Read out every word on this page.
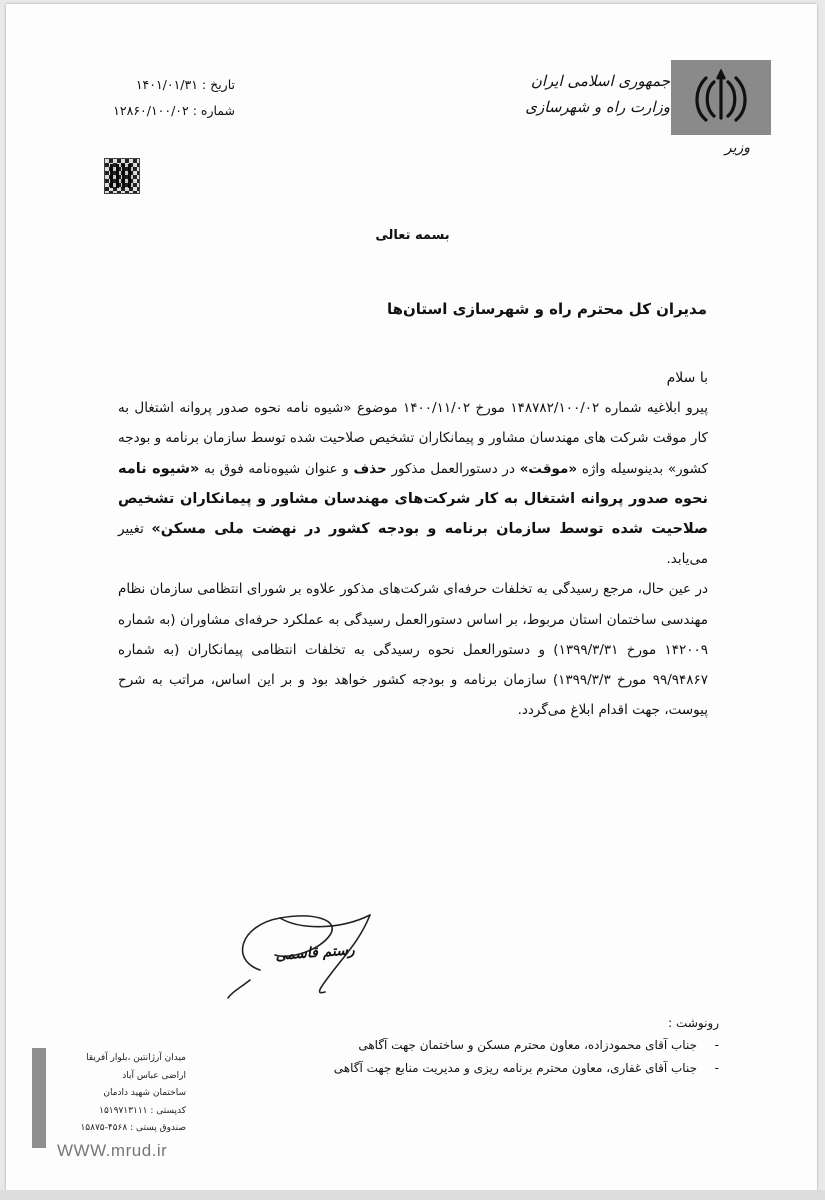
جمهوری اسلامی ایران
وزارت راه و شهرسازی
وزیر
تاریخ : ۱۴۰۱/۰۱/۳۱
شماره : ۱۲۸۶۰/۱۰۰/۰۲
بسمه تعالی
مدیران کل محترم راه و شهرسازی استان‌ها

با سلام

پیرو ابلاغیه شماره ۱۴۸۷۸۲/۱۰۰/۰۲ مورخ ۱۴۰۰/۱۱/۰۲ موضوع «شیوه نامه نحوه صدور پروانه اشتغال به کار موقت شرکت های مهندسان مشاور و پیمانکاران تشخیص صلاحیت شده توسط سازمان برنامه و بودجه کشور» بدینوسیله واژه «موقت» در دستورالعمل مذکور حذف و عنوان شیوه‌نامه فوق به «شیوه نامه نحوه صدور پروانه اشتغال به کار شرکت‌های مهندسان مشاور و پیمانکاران تشخیص صلاحیت شده توسط سازمان برنامه و بودجه کشور در نهضت ملی مسکن» تغییر می‌یابد.

در عین حال، مرجع رسیدگی به تخلفات حرفه‌ای شرکت‌های مذکور علاوه بر شورای انتظامی سازمان نظام مهندسی ساختمان استان مربوط، بر اساس دستورالعمل رسیدگی به عملکرد حرفه‌ای مشاوران (به شماره ۱۴۲۰۰۹ مورخ ۱۳۹۹/۳/۳۱) و دستورالعمل نحوه رسیدگی به تخلفات انتظامی پیمانکاران (به شماره ۹۹/۹۴۸۶۷ مورخ ۱۳۹۹/۳/۳) سازمان برنامه و بودجه کشور خواهد بود و بر این اساس، مراتب به شرح پیوست، جهت اقدام ابلاغ می‌گردد.

رستم قاسمی
رونوشت :
- جناب آقای محمودزاده، معاون محترم مسکن و ساختمان جهت آگاهی
- جناب آقای غفاری، معاون محترم برنامه ریزی و مدیریت منابع جهت آگاهی
میدان آرژانتین ،بلوار آفریقا
اراضی عباس آباد
ساختمان شهید دادمان
کدپستی : ۱۵۱۹۷۱۳۱۱۱
صندوق پستی : ۴۵۶۸-۱۵۸۷۵
WWW.mrud.ir
